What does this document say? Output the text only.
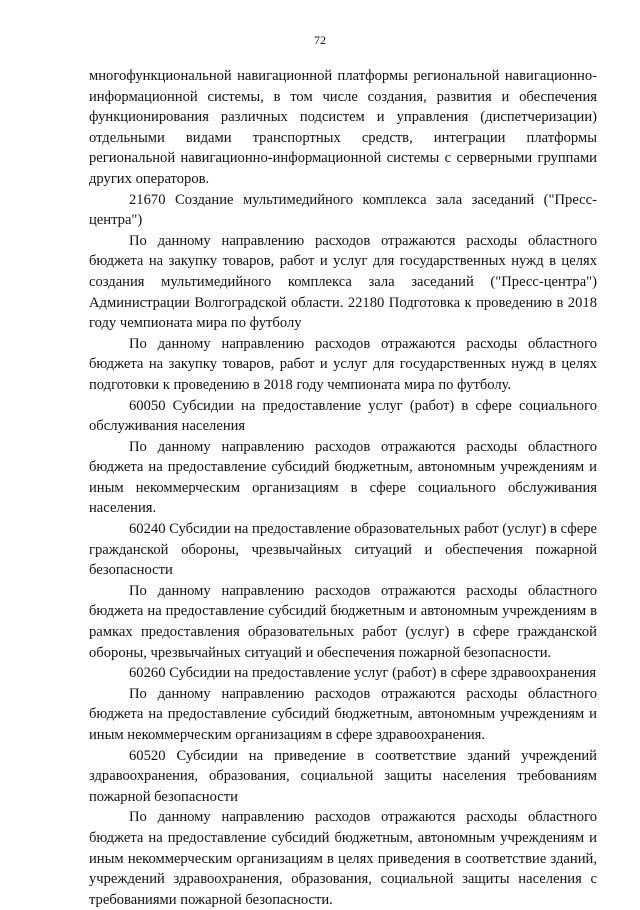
72

многофункциональной навигационной платформы региональной навигационно-информационной системы, в том числе создания, развития и обеспечения функционирования различных подсистем и управления (диспетчеризации) отдельными видами транспортных средств, интеграции платформы региональной навигационно-информационной системы с серверными группами других операторов.

21670 Создание мультимедийного комплекса зала заседаний ("Пресс-центра")

По данному направлению расходов отражаются расходы областного бюджета на закупку товаров, работ и услуг для государственных нужд в целях создания мультимедийного комплекса зала заседаний ("Пресс-центра") Администрации Волгоградской области. 22180 Подготовка к проведению в 2018 году чемпионата мира по футболу

По данному направлению расходов отражаются расходы областного бюджета на закупку товаров, работ и услуг для государственных нужд в целях подготовки к проведению в 2018 году чемпионата мира по футболу.

60050 Субсидии на предоставление услуг (работ) в сфере социального обслуживания населения

По данному направлению расходов отражаются расходы областного бюджета на предоставление субсидий бюджетным, автономным учреждениям и иным некоммерческим организациям в сфере социального обслуживания населения.

60240 Субсидии на предоставление образовательных работ (услуг) в сфере гражданской обороны, чрезвычайных ситуаций и обеспечения пожарной безопасности

По данному направлению расходов отражаются расходы областного бюджета на предоставление субсидий бюджетным и автономным учреждениям в рамках предоставления образовательных работ (услуг) в сфере гражданской обороны, чрезвычайных ситуаций и обеспечения пожарной безопасности.

60260 Субсидии на предоставление услуг (работ) в сфере здравоохранения

По данному направлению расходов отражаются расходы областного бюджета на предоставление субсидий бюджетным, автономным учреждениям и иным некоммерческим организациям в сфере здравоохранения.

60520 Субсидии на приведение в соответствие зданий учреждений здравоохранения, образования, социальной защиты населения требованиям пожарной безопасности

По данному направлению расходов отражаются расходы областного бюджета на предоставление субсидий бюджетным, автономным учреждениям и иным некоммерческим организациям в целях приведения в соответствие зданий, учреждений здравоохранения, образования, социальной защиты населения с требованиями пожарной безопасности.
